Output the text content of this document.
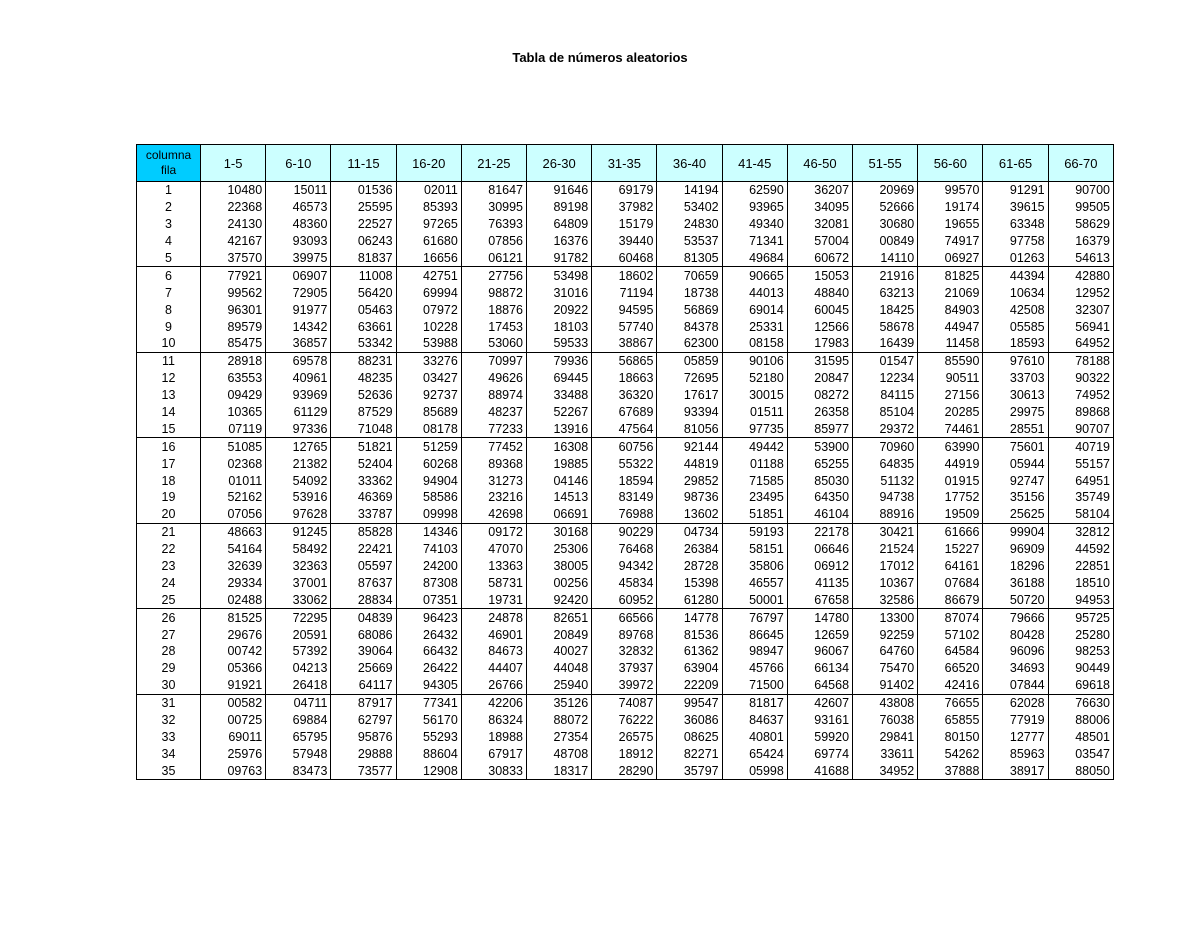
Tabla de números aleatorios
columna
fila	1-5	6-10	11-15	16-20	21-25	26-30	31-35	36-40	41-45	46-50	51-55	56-60	61-65	66-70
1	10480	15011	01536	02011	81647	91646	69179	14194	62590	36207	20969	99570	91291	90700
2	22368	46573	25595	85393	30995	89198	37982	53402	93965	34095	52666	19174	39615	99505
3	24130	48360	22527	97265	76393	64809	15179	24830	49340	32081	30680	19655	63348	58629
4	42167	93093	06243	61680	07856	16376	39440	53537	71341	57004	00849	74917	97758	16379
5	37570	39975	81837	16656	06121	91782	60468	81305	49684	60672	14110	06927	01263	54613
6	77921	06907	11008	42751	27756	53498	18602	70659	90665	15053	21916	81825	44394	42880
7	99562	72905	56420	69994	98872	31016	71194	18738	44013	48840	63213	21069	10634	12952
8	96301	91977	05463	07972	18876	20922	94595	56869	69014	60045	18425	84903	42508	32307
9	89579	14342	63661	10228	17453	18103	57740	84378	25331	12566	58678	44947	05585	56941
10	85475	36857	53342	53988	53060	59533	38867	62300	08158	17983	16439	11458	18593	64952
11	28918	69578	88231	33276	70997	79936	56865	05859	90106	31595	01547	85590	97610	78188
12	63553	40961	48235	03427	49626	69445	18663	72695	52180	20847	12234	90511	33703	90322
13	09429	93969	52636	92737	88974	33488	36320	17617	30015	08272	84115	27156	30613	74952
14	10365	61129	87529	85689	48237	52267	67689	93394	01511	26358	85104	20285	29975	89868
15	07119	97336	71048	08178	77233	13916	47564	81056	97735	85977	29372	74461	28551	90707
16	51085	12765	51821	51259	77452	16308	60756	92144	49442	53900	70960	63990	75601	40719
17	02368	21382	52404	60268	89368	19885	55322	44819	01188	65255	64835	44919	05944	55157
18	01011	54092	33362	94904	31273	04146	18594	29852	71585	85030	51132	01915	92747	64951
19	52162	53916	46369	58586	23216	14513	83149	98736	23495	64350	94738	17752	35156	35749
20	07056	97628	33787	09998	42698	06691	76988	13602	51851	46104	88916	19509	25625	58104
21	48663	91245	85828	14346	09172	30168	90229	04734	59193	22178	30421	61666	99904	32812
22	54164	58492	22421	74103	47070	25306	76468	26384	58151	06646	21524	15227	96909	44592
23	32639	32363	05597	24200	13363	38005	94342	28728	35806	06912	17012	64161	18296	22851
24	29334	37001	87637	87308	58731	00256	45834	15398	46557	41135	10367	07684	36188	18510
25	02488	33062	28834	07351	19731	92420	60952	61280	50001	67658	32586	86679	50720	94953
26	81525	72295	04839	96423	24878	82651	66566	14778	76797	14780	13300	87074	79666	95725
27	29676	20591	68086	26432	46901	20849	89768	81536	86645	12659	92259	57102	80428	25280
28	00742	57392	39064	66432	84673	40027	32832	61362	98947	96067	64760	64584	96096	98253
29	05366	04213	25669	26422	44407	44048	37937	63904	45766	66134	75470	66520	34693	90449
30	91921	26418	64117	94305	26766	25940	39972	22209	71500	64568	91402	42416	07844	69618
31	00582	04711	87917	77341	42206	35126	74087	99547	81817	42607	43808	76655	62028	76630
32	00725	69884	62797	56170	86324	88072	76222	36086	84637	93161	76038	65855	77919	88006
33	69011	65795	95876	55293	18988	27354	26575	08625	40801	59920	29841	80150	12777	48501
34	25976	57948	29888	88604	67917	48708	18912	82271	65424	69774	33611	54262	85963	03547
35	09763	83473	73577	12908	30833	18317	28290	35797	05998	41688	34952	37888	38917	88050
